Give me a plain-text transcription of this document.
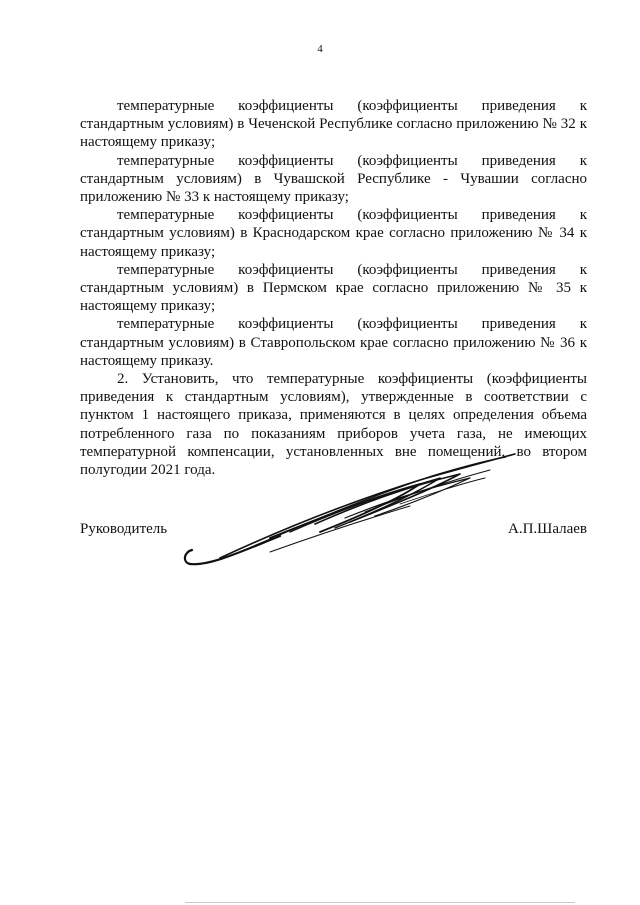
4

температурные коэффициенты (коэффициенты приведения к стандартным условиям) в Чеченской Республике согласно приложению № 32 к настоящему приказу;

температурные коэффициенты (коэффициенты приведения к стандартным условиям) в Чувашской Республике - Чувашии согласно приложению № 33 к настоящему приказу;

температурные коэффициенты (коэффициенты приведения к стандартным условиям) в Краснодарском крае согласно приложению № 34 к настоящему приказу;

температурные коэффициенты (коэффициенты приведения к стандартным условиям) в Пермском крае согласно приложению № 35 к настоящему приказу;

температурные коэффициенты (коэффициенты приведения к стандартным условиям) в Ставропольском крае согласно приложению № 36 к настоящему приказу.

2. Установить, что температурные коэффициенты (коэффициенты приведения к стандартным условиям), утвержденные в соответствии с пунктом 1 настоящего приказа, применяются в целях определения объема потребленного газа по показаниям приборов учета газа, не имеющих температурной компенсации, установленных вне помещений, во втором полугодии 2021 года.

Руководитель	А.П.Шалаев
